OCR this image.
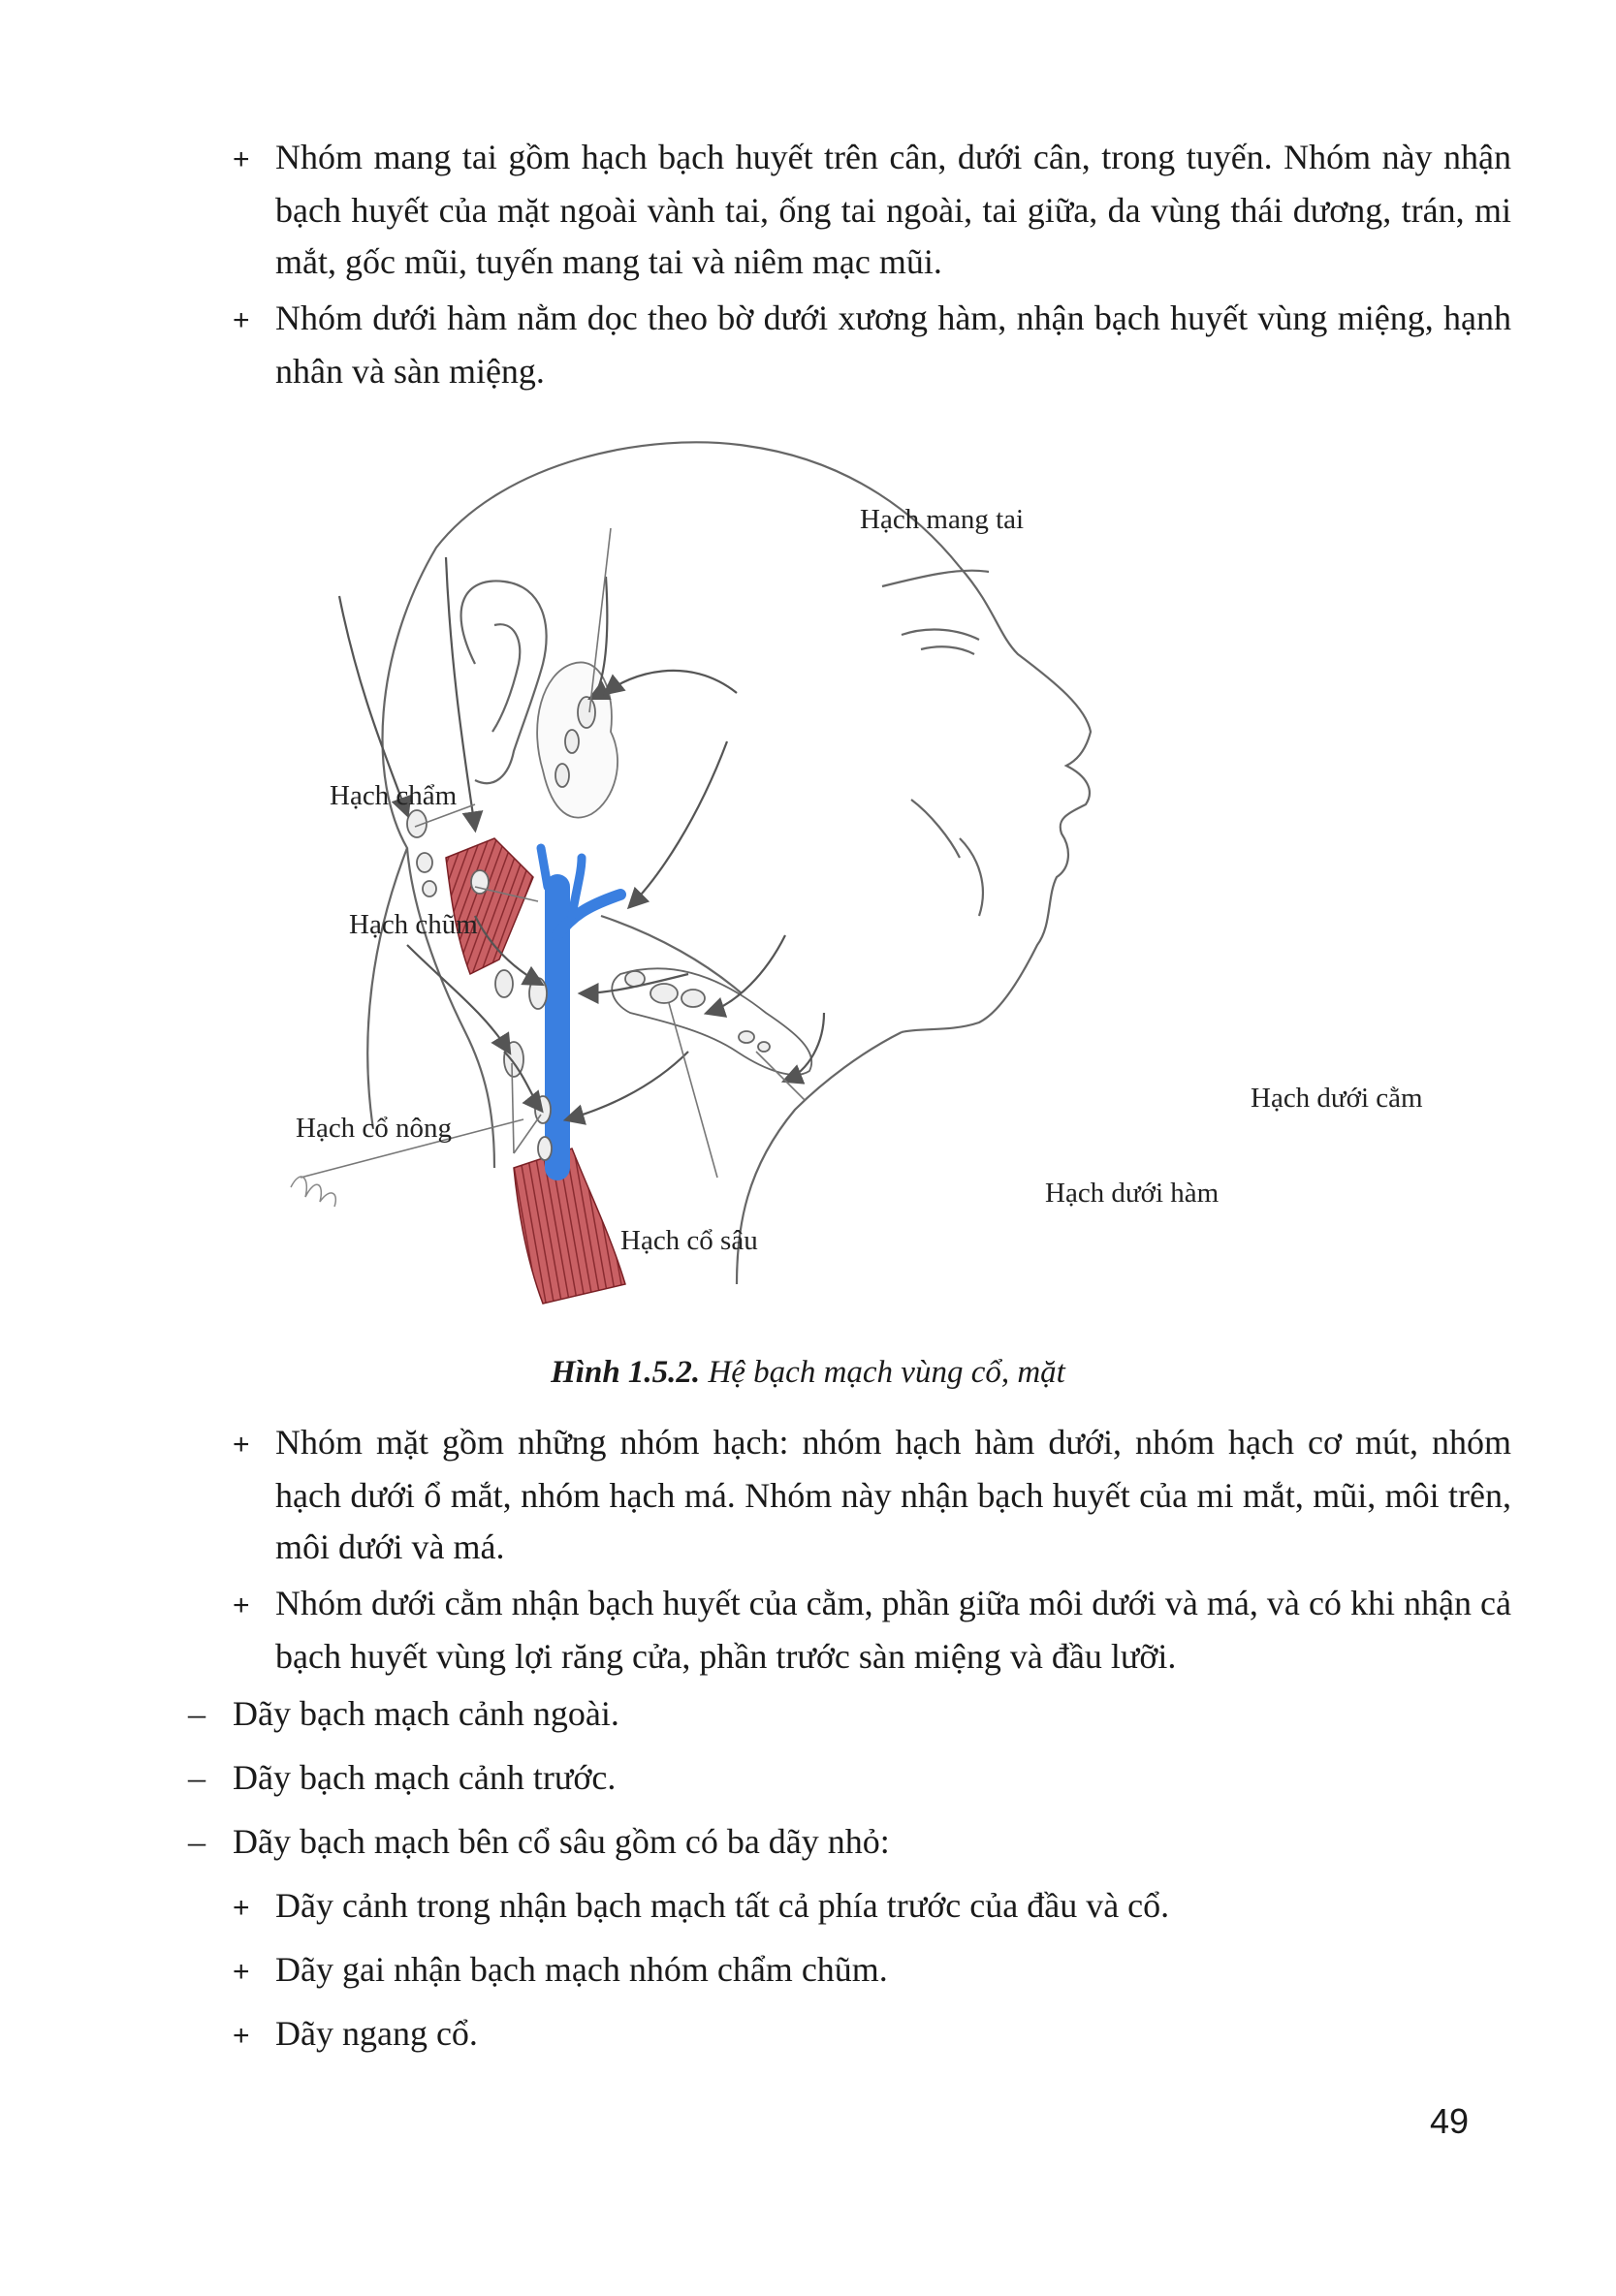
+ Nhóm mang tai gồm hạch bạch huyết trên cân, dưới cân, trong tuyến. Nhóm này nhận bạch huyết của mặt ngoài vành tai, ống tai ngoài, tai giữa, da vùng thái dương, trán, mi mắt, gốc mũi, tuyến mang tai và niêm mạc mũi.
+ Nhóm dưới hàm nằm dọc theo bờ dưới xương hàm, nhận bạch huyết vùng miệng, hạnh nhân và sàn miệng.
Hạch mang tai
Hạch chẩm
Hạch chũm
Hạch cổ nông
Hạch cổ sâu
Hạch dưới cằm
Hạch dưới hàm
Hình 1.5.2. Hệ bạch mạch vùng cổ, mặt
+ Nhóm mặt gồm những nhóm hạch: nhóm hạch hàm dưới, nhóm hạch cơ mút, nhóm hạch dưới ổ mắt, nhóm hạch má. Nhóm này nhận bạch huyết của mi mắt, mũi, môi trên, môi dưới và má.
+ Nhóm dưới cằm nhận bạch huyết của cằm, phần giữa môi dưới và má, và có khi nhận cả bạch huyết vùng lợi răng cửa, phần trước sàn miệng và đầu lưỡi.
– Dãy bạch mạch cảnh ngoài.
– Dãy bạch mạch cảnh trước.
– Dãy bạch mạch bên cổ sâu gồm có ba dãy nhỏ:
+ Dãy cảnh trong nhận bạch mạch tất cả phía trước của đầu và cổ.
+ Dãy gai nhận bạch mạch nhóm chẩm chũm.
+ Dãy ngang cổ.
49
